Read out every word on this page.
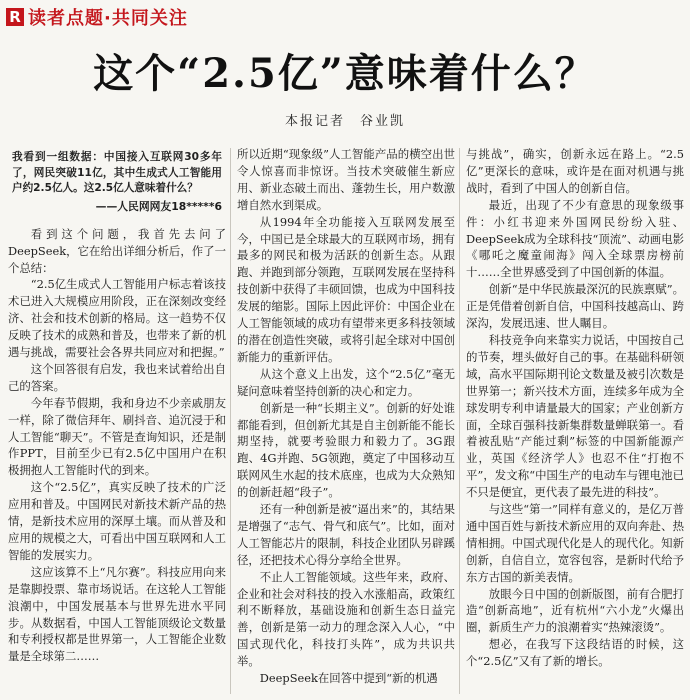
R 读者点题·共同关注
这个“2.5亿”意味着什么？
本报记者　谷业凯

我看到一组数据：中国接入互联网30多年了，网民突破11亿，其中生成式人工智能用户约2.5亿人。这2.5亿人意味着什么？

——人民网网友18*****6

看到这个问题，我首先去问了DeepSeek，它在给出详细分析后，作了一个总结：

“2.5亿生成式人工智能用户标志着该技术已进入大规模应用阶段，正在深刻改变经济、社会和技术创新的格局。这一趋势不仅反映了技术的成熟和普及，也带来了新的机遇与挑战，需要社会各界共同应对和把握。”

这个回答很有启发，我也来试着给出自己的答案。

今年春节假期，我和身边不少亲戚朋友一样，除了微信拜年、刷抖音、追沉浸于和人工智能“聊天”。不管是查询知识，还是制作PPT，目前至少已有2.5亿中国用户在积极拥抱人工智能时代的到来。

这个“2.5亿”，真实反映了技术的广泛应用和普及。中国网民对新技术新产品的热情，是新技术应用的深厚土壤。而从普及和应用的规模之大，可看出中国互联网和人工智能的发展实力。

这应该算不上“凡尔赛”。科技应用向来是靠脚投票、靠市场说话。在这轮人工智能浪潮中，中国发展基本与世界先进水平同步。从数据看，中国人工智能顶级论文数量和专利授权都是世界第一，人工智能企业数量是全球第二……

所以近期“现象级”人工智能产品的横空出世令人惊喜而非惊讶。当技术突破催生新应用、新业态破土而出、蓬勃生长，用户数激增自然水到渠成。

从1994年全功能接入互联网发展至今，中国已是全球最大的互联网市场，拥有最多的网民和极为活跃的创新生态。从跟跑、并跑到部分领跑，互联网发展在坚持科技创新中获得了丰硕回馈，也成为中国科技发展的缩影。国际上因此评价：中国企业在人工智能领域的成功有望带来更多科技领域的潜在创造性突破，或将引起全球对中国创新能力的重新评估。

从这个意义上出发，这个“2.5亿”毫无疑问意味着坚持创新的决心和定力。

创新是一种“长期主义”。创新的好处谁都能看到，但创新尤其是自主创新能不能长期坚持，就要考验眼力和毅力了。3G跟跑、4G并跑、5G领跑，奠定了中国移动互联网风生水起的技术底座，也成为大众熟知的创新赶超“段子”。

还有一种创新是被“逼出来”的，其结果是增强了“志气、骨气和底气”。比如，面对人工智能芯片的限制，科技企业团队另辟蹊径，还把技术心得分享给全世界。

不止人工智能领域。这些年来，政府、企业和社会对科技的投入水涨船高，政策红利不断释放，基础设施和创新生态日益完善，创新是第一动力的理念深入人心，“中国式现代化，科技打头阵”，成为共识共举。

DeepSeek在回答中提到“新的机遇

与挑战”，确实，创新永远在路上。“2.5亿”更深长的意味，或许是在面对机遇与挑战时，看到了中国人的创新自信。

最近，出现了不少有意思的现象级事件：小红书迎来外国网民纷纷入驻、DeepSeek成为全球科技“顶流”、动画电影《哪吒之魔童闹海》闯入全球票房榜前十……全世界感受到了中国创新的体温。

创新“是中华民族最深沉的民族禀赋”。正是凭借着创新自信，中国科技越高山、跨深沟，发展迅速、世人瞩目。

科技竞争向来靠实力说话，中国按自己的节奏，埋头做好自己的事。在基础科研领域，高水平国际期刊论文数量及被引次数是世界第一；新兴技术方面，连续多年成为全球发明专利申请量最大的国家；产业创新方面，全球百强科技新集群数量蝉联第一。看着被乱贴“产能过剩”标签的中国新能源产业，英国《经济学人》也忍不住“打抱不平”，发文称“中国生产的电动车与锂电池已不只是便宜，更代表了最先进的科技”。

与这些“第一”同样有意义的，是亿万普通中国百姓与新技术新应用的双向奔赴、热情相拥。中国式现代化是人的现代化。知新创新，自信自立，宽容包容，是新时代给予东方古国的新美表情。

放眼今日中国的创新版图，前有合肥打造“创新高地”，近有杭州“六小龙”火爆出圈，新质生产力的浪潮着实“热辣滚烫”。

想必，在我写下这段结语的时候，这个“2.5亿”又有了新的增长。
